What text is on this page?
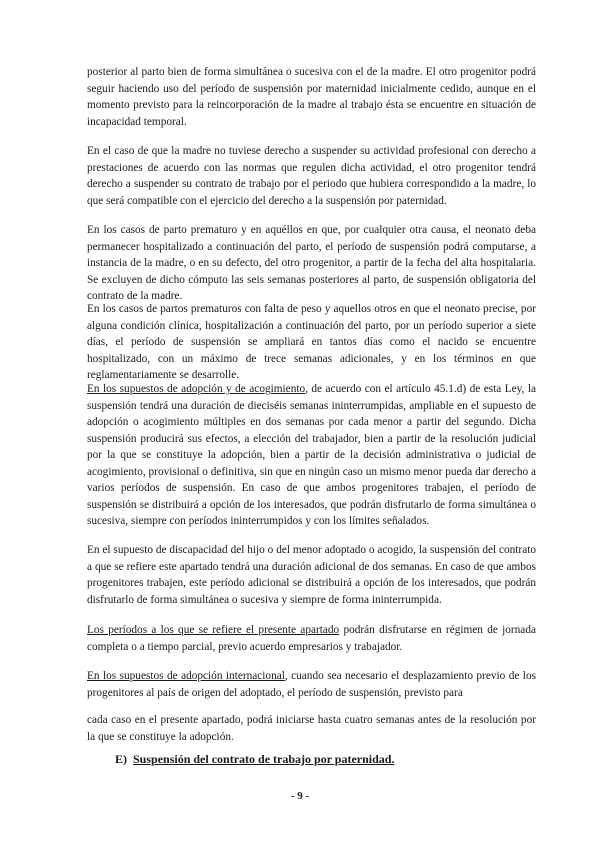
posterior al parto bien de forma simultánea o sucesiva con el de la madre. El otro progenitor podrá seguir haciendo uso del período de suspensión por maternidad inicialmente cedido, aunque en el momento previsto para la reincorporación de la madre al trabajo ésta se encuentre en situación de incapacidad temporal.

En el caso de que la madre no tuviese derecho a suspender su actividad profesional con derecho a prestaciones de acuerdo con las normas que regulen dicha actividad, el otro progenitor tendrá derecho a suspender su contrato de trabajo por el periodo que hubiera correspondido a la madre, lo que será compatible con el ejercicio del derecho a la suspensión por paternidad.

En los casos de parto prematuro y en aquéllos en que, por cualquier otra causa, el neonato deba permanecer hospitalizado a continuación del parto, el período de suspensión podrá computarse, a instancia de la madre, o en su defecto, del otro progenitor, a partir de la fecha del alta hospitalaria. Se excluyen de dicho cómputo las seis semanas posteriores al parto, de suspensión obligatoria del contrato de la madre.

En los casos de partos prematuros con falta de peso y aquellos otros en que el neonato precise, por alguna condición clínica, hospitalización a continuación del parto, por un período superior a siete días, el período de suspensión se ampliará en tantos días como el nacido se encuentre hospitalizado, con un máximo de trece semanas adicionales, y en los términos en que reglamentariamente se desarrolle.

En los supuestos de adopción y de acogimiento, de acuerdo con el artículo 45.1.d) de esta Ley, la suspensión tendrá una duración de dieciséis semanas ininterrumpidas, ampliable en el supuesto de adopción o acogimiento múltiples en dos semanas por cada menor a partir del segundo. Dicha suspensión producirá sus efectos, a elección del trabajador, bien a partir de la resolución judicial por la que se constituye la adopción, bien a partir de la decisión administrativa o judicial de acogimiento, provisional o definitiva, sin que en ningún caso un mismo menor pueda dar derecho a varios períodos de suspensión. En caso de que ambos progenitores trabajen, el período de suspensión se distribuirá a opción de los interesados, que podrán disfrutarlo de forma simultánea o sucesiva, siempre con períodos ininterrumpidos y con los límites señalados.

En el supuesto de discapacidad del hijo o del menor adoptado o acogido, la suspensión del contrato a que se refiere este apartado tendrá una duración adicional de dos semanas. En caso de que ambos progenitores trabajen, este período adicional se distribuirá a opción de los interesados, que podrán disfrutarlo de forma simultánea o sucesiva y siempre de forma ininterrumpida.

Los períodos a los que se refiere el presente apartado podrán disfrutarse en régimen de jornada completa o a tiempo parcial, previo acuerdo empresarios y trabajador.

En los supuestos de adopción internacional, cuando sea necesario el desplazamiento previo de los progenitores al país de origen del adoptado, el período de suspensión, previsto para

cada caso en el presente apartado, podrá iniciarse hasta cuatro semanas antes de la resolución por la que se constituye la adopción.

E) Suspensión del contrato de trabajo por paternidad.
- 9 -
